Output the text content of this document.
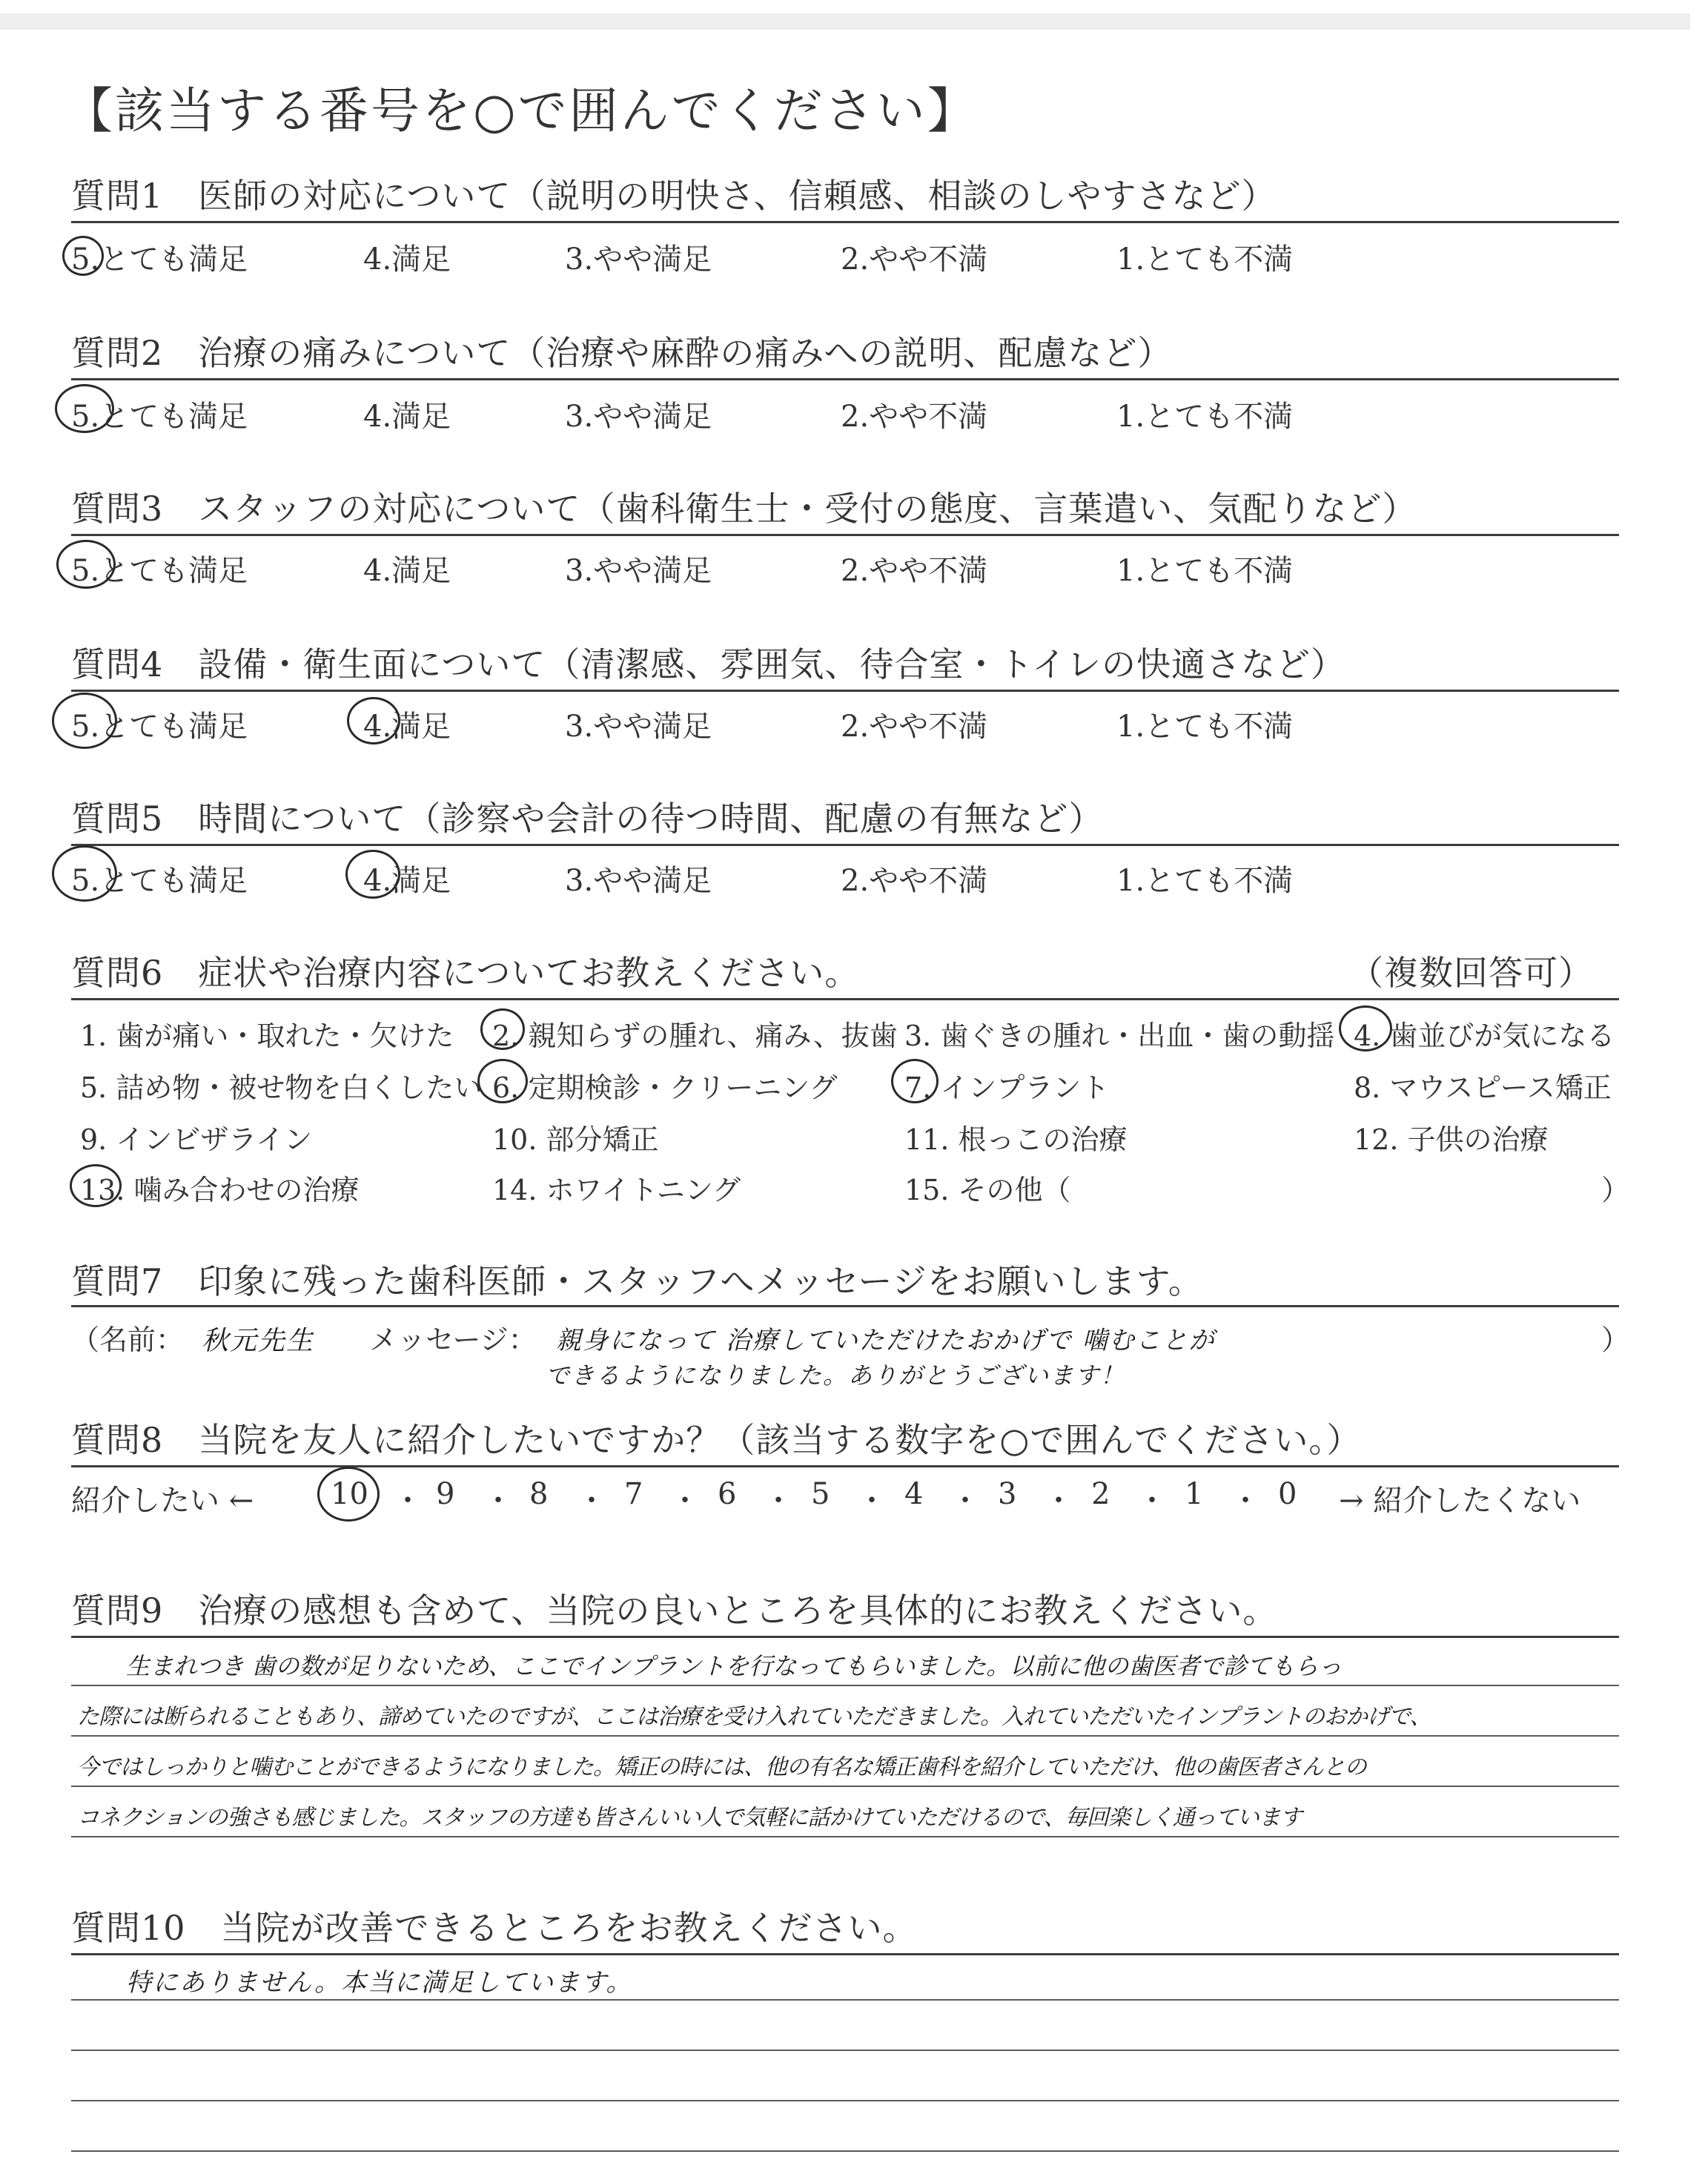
【該当する番号を○で囲んでください】
質問1　医師の対応について（説明の明快さ、信頼感、相談のしやすさなど）
5.とても満足	4.満足	3.やや満足	2.やや不満	1.とても不満
質問2　治療の痛みについて（治療や麻酔の痛みへの説明、配慮など）
5.とても満足	4.満足	3.やや満足	2.やや不満	1.とても不満
質問3　スタッフの対応について（歯科衛生士・受付の態度、言葉遣い、気配りなど）
5.とても満足	4.満足	3.やや満足	2.やや不満	1.とても不満
質問4　設備・衛生面について（清潔感、雰囲気、待合室・トイレの快適さなど）
5.とても満足	4.満足	3.やや満足	2.やや不満	1.とても不満
質問5　時間について（診察や会計の待つ時間、配慮の有無など）
5.とても満足	4.満足	3.やや満足	2.やや不満	1.とても不満
質問6　症状や治療内容についてお教えください。	（複数回答可）
1. 歯が痛い・取れた・欠けた 2. 親知らずの腫れ、痛み、抜歯 3. 歯ぐきの腫れ・出血・歯の動揺 4. 歯並びが気になる
5. 詰め物・被せ物を白くしたい 6. 定期検診・クリーニング 7. インプラント	8. マウスピース矯正
9. インビザライン	10. 部分矯正	11. 根っこの治療	12. 子供の治療
13. 噛み合わせの治療	14. ホワイトニング	15. その他（	）
質問7　印象に残った歯科医師・スタッフへメッセージをお願いします。
（名前： 秋元先生 メッセージ： 親身になって 治療していただけたおかげで 噛むことが
できるようになりました。ありがとうございます！
）
質問8　当院を友人に紹介したいですか？（該当する数字を○で囲んでください。）
紹介したい ←	→ 紹介したくない
10 ・ 9 ・ 8 ・ 7 ・ 6 ・ 5 ・ 4 ・ 3 ・ 2 ・ 1 ・ 0
質問9　治療の感想も含めて、当院の良いところを具体的にお教えください。
生まれつき 歯の数が足りないため、ここでインプラントを行なってもらいました。以前に他の歯医者で診てもらっ
た際には断られることもあり、諦めていたのですが、ここは治療を受け入れていただきました。入れていただいたインプラントのおかげで、
今ではしっかりと噛むことができるようになりました。矯正の時には、他の有名な矯正歯科を紹介していただけ、他の歯医者さんとの
コネクションの強さも感じました。スタッフの方達も皆さんいい人で気軽に話かけていただけるので、毎回楽しく通っています
質問10　当院が改善できるところをお教えください。
特にありません。本当に満足しています。
